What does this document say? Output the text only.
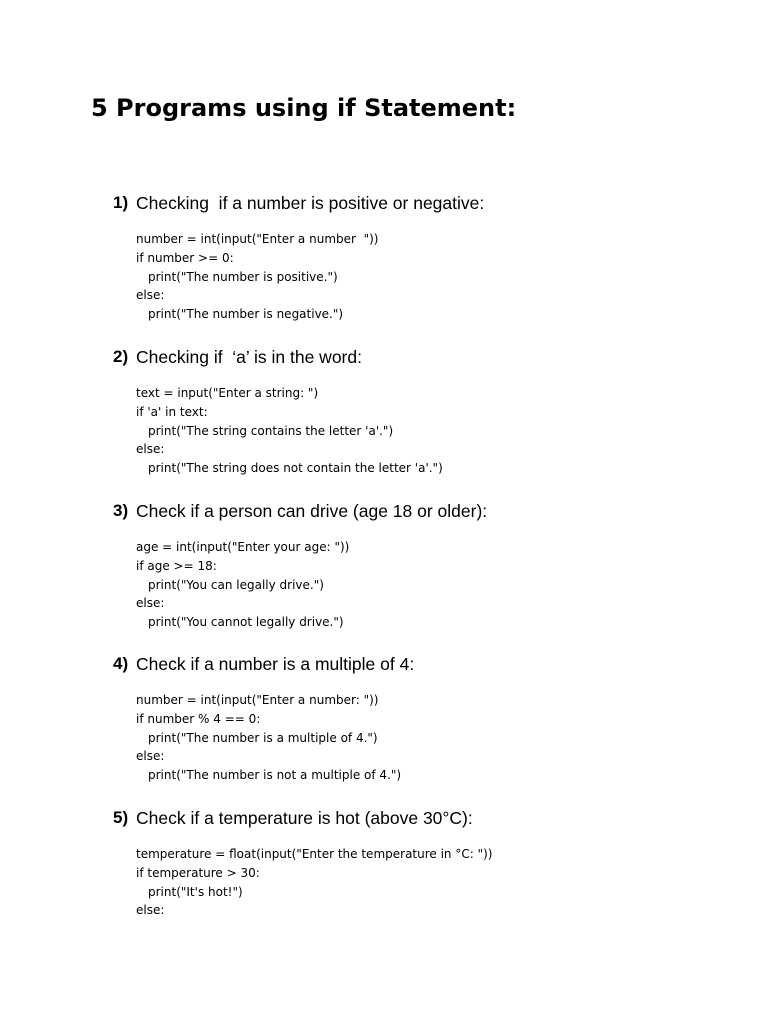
5 Programs using if Statement:
1) Checking  if a number is positive or negative:
number = int(input("Enter a number  "))
if number >= 0:
print("The number is positive.")
else:
print("The number is negative.")
2) Checking if  ‘a’ is in the word:
text = input("Enter a string: ")
if 'a' in text:
print("The string contains the letter 'a'.")
else:
print("The string does not contain the letter 'a'.")
3) Check if a person can drive (age 18 or older):
age = int(input("Enter your age: "))
if age >= 18:
print("You can legally drive.")
else:
print("You cannot legally drive.")
4) Check if a number is a multiple of 4:
number = int(input("Enter a number: "))
if number % 4 == 0:
print("The number is a multiple of 4.")
else:
print("The number is not a multiple of 4.")
5) Check if a temperature is hot (above 30°C):
temperature = float(input("Enter the temperature in °C: "))
if temperature > 30:
print("It's hot!")
else:
